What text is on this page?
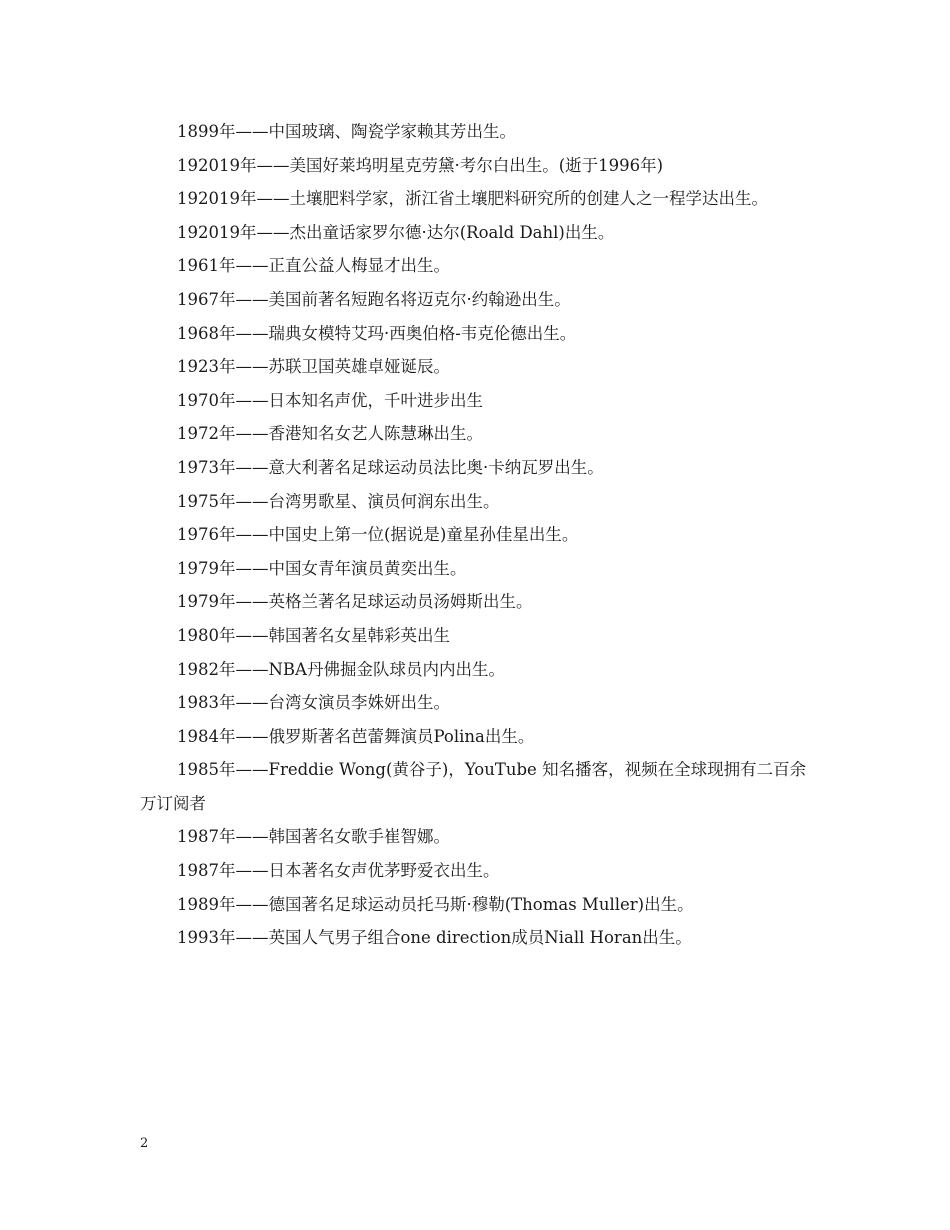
1899年——中国玻璃、陶瓷学家赖其芳出生。

192019年——美国好莱坞明星克劳黛·考尔白出生。(逝于1996年)

192019年——土壤肥料学家，浙江省土壤肥料研究所的创建人之一程学达出生。

192019年——杰出童话家罗尔德·达尔(Roald Dahl)出生。

1961年——正直公益人梅显才出生。

1967年——美国前著名短跑名将迈克尔·约翰逊出生。

1968年——瑞典女模特艾玛·西奥伯格-韦克伦德出生。

1923年——苏联卫国英雄卓娅诞辰。

1970年——日本知名声优，千叶进步出生

1972年——香港知名女艺人陈慧琳出生。

1973年——意大利著名足球运动员法比奥·卡纳瓦罗出生。

1975年——台湾男歌星、演员何润东出生。

1976年——中国史上第一位(据说是)童星孙佳星出生。

1979年——中国女青年演员黄奕出生。

1979年——英格兰著名足球运动员汤姆斯出生。

1980年——韩国著名女星韩彩英出生

1982年——NBA丹佛掘金队球员内内出生。

1983年——台湾女演员李姝妍出生。

1984年——俄罗斯著名芭蕾舞演员Polina出生。

1985年——Freddie Wong(黄谷子)，YouTube 知名播客，视频在全球现拥有二百余万订阅者

1987年——韩国著名女歌手崔智娜。

1987年——日本著名女声优茅野爱衣出生。

1989年——德国著名足球运动员托马斯·穆勒(Thomas Muller)出生。

1993年——英国人气男子组合one direction成员Niall Horan出生。

2
